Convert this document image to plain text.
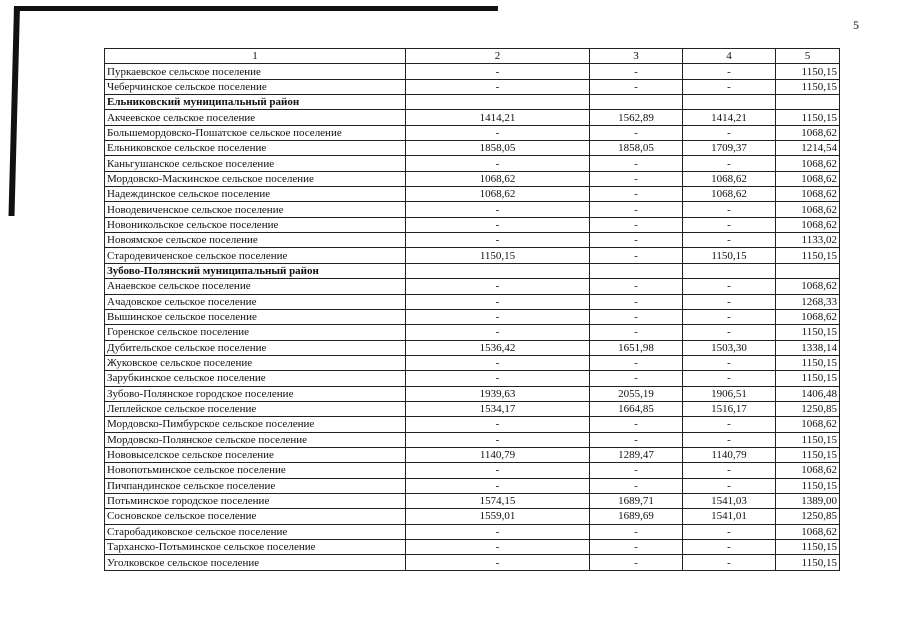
5
1	2	3	4	5
Пуркаевское сельское поселение	-	-	-	1150,15
Чеберчинское сельское поселение	-	-	-	1150,15
Ельниковский муниципальный район				
Акчеевское сельское поселение	1414,21	1562,89	1414,21	1150,15
Большемордовско-Пошатское сельское поселение	-	-	-	1068,62
Ельниковское сельское поселение	1858,05	1858,05	1709,37	1214,54
Каньгушанское сельское поселение	-	-	-	1068,62
Мордовско-Маскинское сельское поселение	1068,62	-	1068,62	1068,62
Надеждинское сельское поселение	1068,62	-	1068,62	1068,62
Новодевиченское сельское поселение	-	-	-	1068,62
Новоникольское сельское поселение	-	-	-	1068,62
Новоямское сельское поселение	-	-	-	1133,02
Стародевиченское сельское поселение	1150,15	-	1150,15	1150,15
Зубово-Полянский муниципальный район				
Анаевское сельское поселение	-	-	-	1068,62
Ачадовское сельское поселение	-	-	-	1268,33
Вышинское сельское поселение	-	-	-	1068,62
Горенское сельское поселение	-	-	-	1150,15
Дубительское сельское поселение	1536,42	1651,98	1503,30	1338,14
Жуковское сельское поселение	-	-	-	1150,15
Зарубкинское сельское поселение	-	-	-	1150,15
Зубово-Полянское городское поселение	1939,63	2055,19	1906,51	1406,48
Леплейское сельское поселение	1534,17	1664,85	1516,17	1250,85
Мордовско-Пимбурское сельское поселение	-	-	-	1068,62
Мордовско-Полянское сельское поселение	-	-	-	1150,15
Нововыселское сельское поселение	1140,79	1289,47	1140,79	1150,15
Новопотьминское сельское поселение	-	-	-	1068,62
Пичпандинское сельское поселение	-	-	-	1150,15
Потьминское городское поселение	1574,15	1689,71	1541,03	1389,00
Сосновское сельское поселение	1559,01	1689,69	1541,01	1250,85
Старобадиковское сельское поселение	-	-	-	1068,62
Тарханско-Потьминское сельское поселение	-	-	-	1150,15
Уголковское сельское поселение	-	-	-	1150,15
